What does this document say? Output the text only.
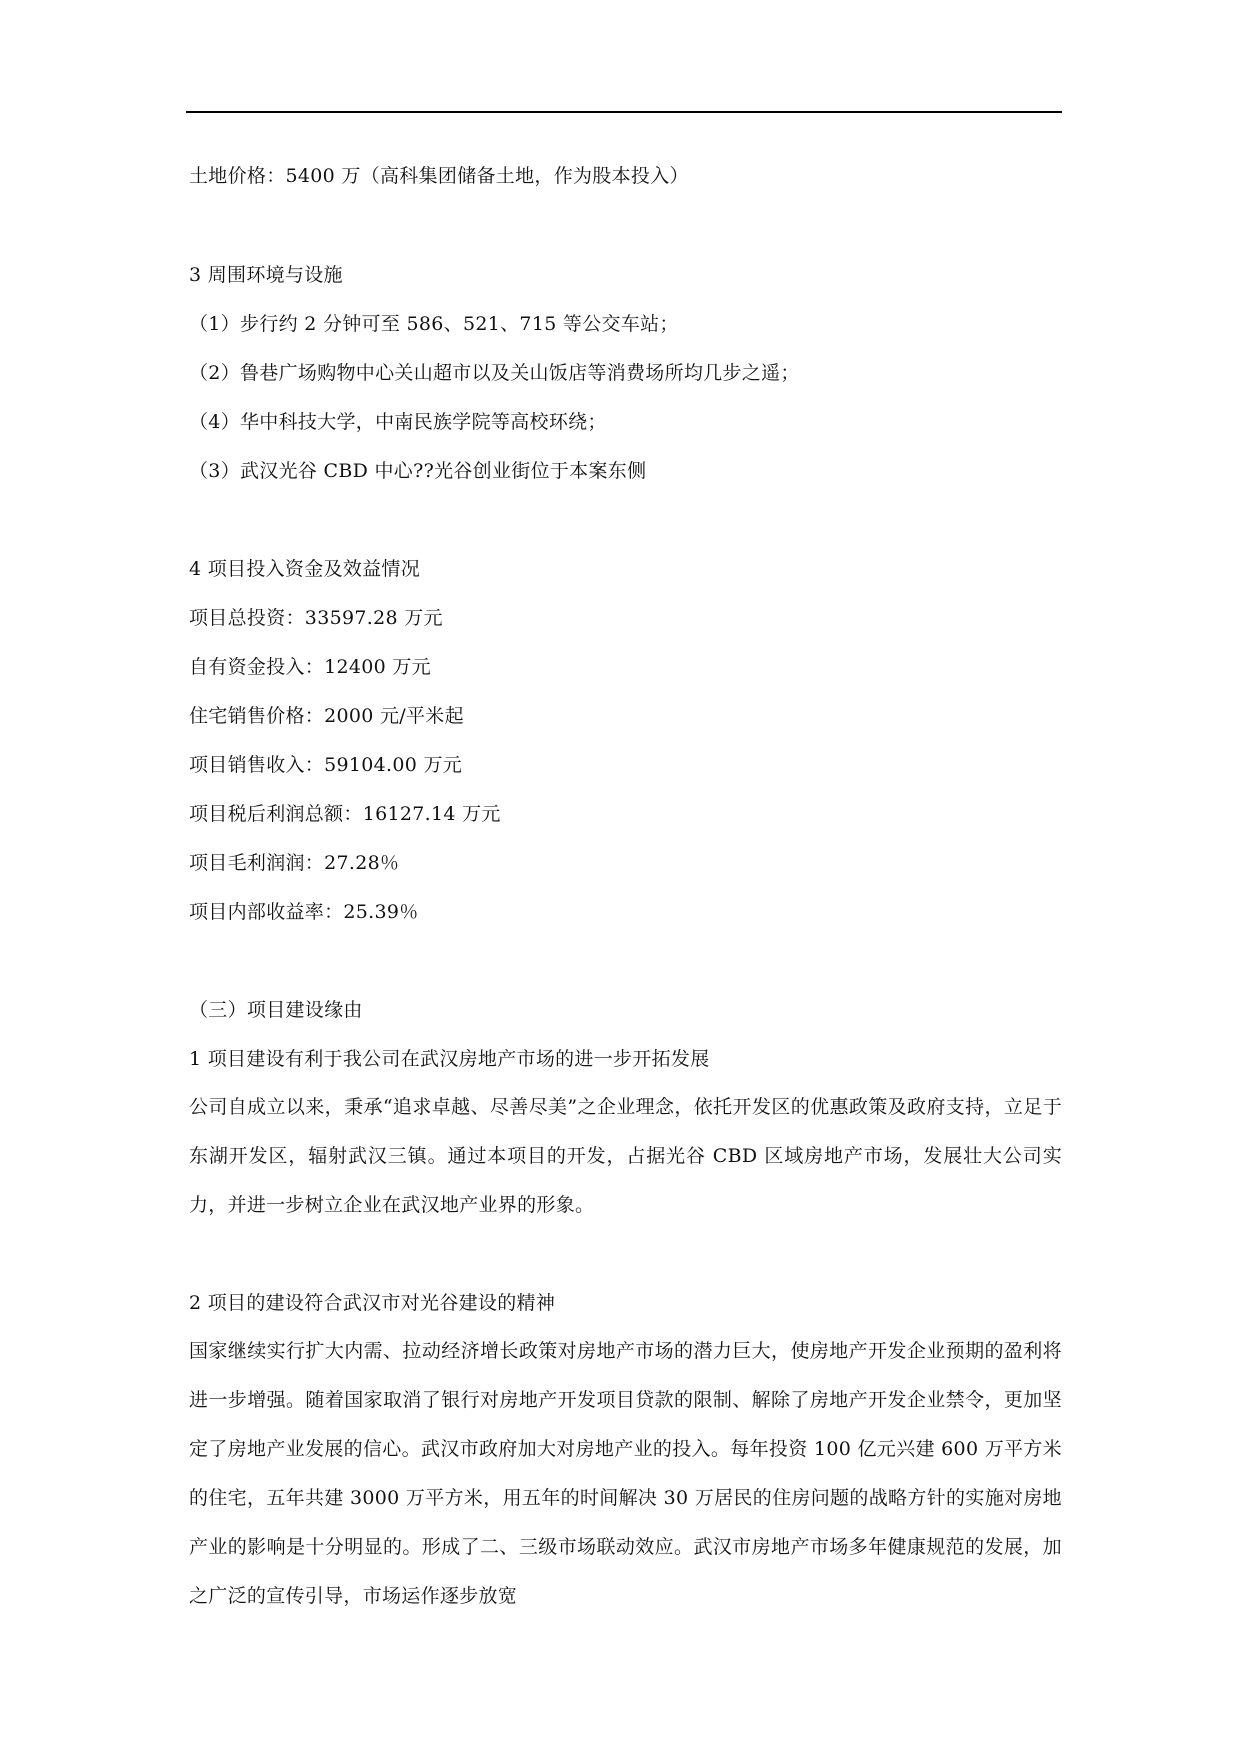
土地价格：5400 万（高科集团储备土地，作为股本投入）
3 周围环境与设施
（1）步行约 2 分钟可至 586、521、715 等公交车站；
（2）鲁巷广场购物中心关山超市以及关山饭店等消费场所均几步之遥；
（4）华中科技大学，中南民族学院等高校环绕；
（3）武汉光谷 CBD 中心??光谷创业街位于本案东侧
4 项目投入资金及效益情况
项目总投资：33597.28 万元
自有资金投入：12400 万元
住宅销售价格：2000 元/平米起
项目销售收入：59104.00 万元
项目税后利润总额：16127.14 万元
项目毛利润润：27.28％
项目内部收益率：25.39％
（三）项目建设缘由
1 项目建设有利于我公司在武汉房地产市场的进一步开拓发展
公司自成立以来，秉承“追求卓越、尽善尽美”之企业理念，依托开发区的优惠政策及政府支持，立足于东湖开发区，辐射武汉三镇。通过本项目的开发，占据光谷 CBD 区域房地产市场，发展壮大公司实力，并进一步树立企业在武汉地产业界的形象。
2 项目的建设符合武汉市对光谷建设的精神
国家继续实行扩大内需、拉动经济增长政策对房地产市场的潜力巨大，使房地产开发企业预期的盈利将进一步增强。随着国家取消了银行对房地产开发项目贷款的限制、解除了房地产开发企业禁令，更加坚定了房地产业发展的信心。武汉市政府加大对房地产业的投入。每年投资 100 亿元兴建 600 万平方米的住宅，五年共建 3000 万平方米，用五年的时间解决 30 万居民的住房问题的战略方针的实施对房地产业的影响是十分明显的。形成了二、三级市场联动效应。武汉市房地产市场多年健康规范的发展，加之广泛的宣传引导，市场运作逐步放宽
